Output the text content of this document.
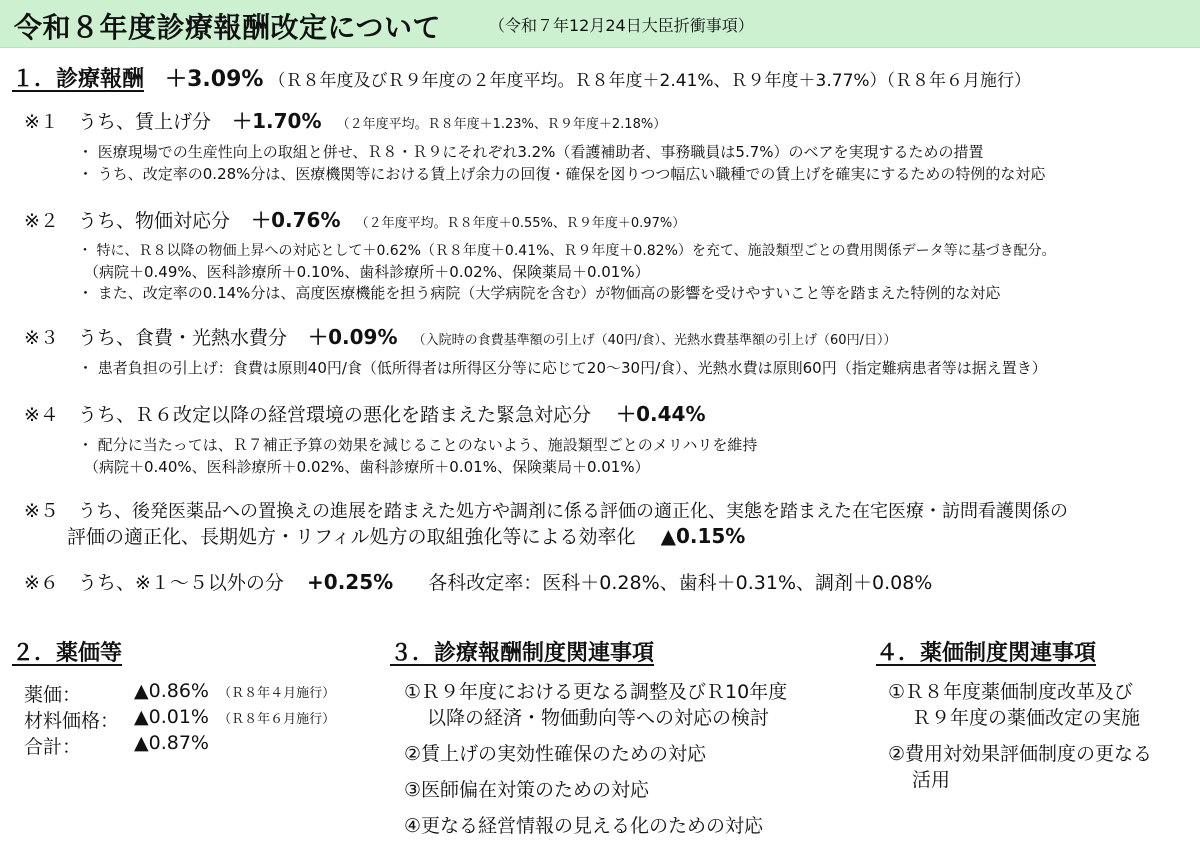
令和８年度診療報酬改定について	（令和７年12月24日大臣折衝事項）
１．診療報酬 ＋3.09% （Ｒ８年度及びＲ９年度の２年度平均。Ｒ８年度＋2.41%、Ｒ９年度＋3.77%）（Ｒ８年６月施行）
※１ うち、賃上げ分 ＋1.70% （２年度平均。Ｒ８年度＋1.23%、Ｒ９年度＋2.18%）
・ 医療現場での生産性向上の取組と併せ、Ｒ８・Ｒ９にそれぞれ3.2%（看護補助者、事務職員は5.7%）のベアを実現するための措置
・ うち、改定率の0.28%分は、医療機関等における賃上げ余力の回復・確保を図りつつ幅広い職種での賃上げを確実にするための特例的な対応
※２ うち、物価対応分 ＋0.76% （２年度平均。Ｒ８年度＋0.55%、Ｒ９年度＋0.97%）
・ 特に、Ｒ８以降の物価上昇への対応として＋0.62%（Ｒ８年度＋0.41%、Ｒ９年度＋0.82%）を充て、施設類型ごとの費用関係データ等に基づき配分。
（病院＋0.49%、医科診療所＋0.10%、歯科診療所＋0.02%、保険薬局＋0.01%）
・ また、改定率の0.14%分は、高度医療機能を担う病院（大学病院を含む）が物価高の影響を受けやすいこと等を踏まえた特例的な対応
※３ うち、食費・光熱水費分 ＋0.09% （入院時の食費基準額の引上げ（40円/食）、光熱水費基準額の引上げ（60円/日））
・ 患者負担の引上げ：食費は原則40円/食（低所得者は所得区分等に応じて20～30円/食）、光熱水費は原則60円（指定難病患者等は据え置き）
※４ うち、Ｒ６改定以降の経営環境の悪化を踏まえた緊急対応分 ＋0.44%
・ 配分に当たっては、Ｒ７補正予算の効果を減じることのないよう、施設類型ごとのメリハリを維持
（病院＋0.40%、医科診療所＋0.02%、歯科診療所＋0.01%、保険薬局＋0.01%）
※５ うち、後発医薬品への置換えの進展を踏まえた処方や調剤に係る評価の適正化、実態を踏まえた在宅医療・訪問看護関係の
評価の適正化、長期処方・リフィル処方の取組強化等による効率化 ▲0.15%
※６ うち、※１～５以外の分 +0.25% 各科改定率：医科＋0.28%、歯科＋0.31%、調剤＋0.08%
２．薬価等
薬価：	▲0.86% （Ｒ８年４月施行）
材料価格： ▲0.01% （Ｒ８年６月施行）
合計：	▲0.87%
３．診療報酬制度関連事項
①Ｒ９年度における更なる調整及びＲ10年度
以降の経済・物価動向等への対応の検討
②賃上げの実効性確保のための対応
③医師偏在対策のための対応
④更なる経営情報の見える化のための対応
４．薬価制度関連事項
①Ｒ８年度薬価制度改革及び
Ｒ９年度の薬価改定の実施
②費用対効果評価制度の更なる
活用
